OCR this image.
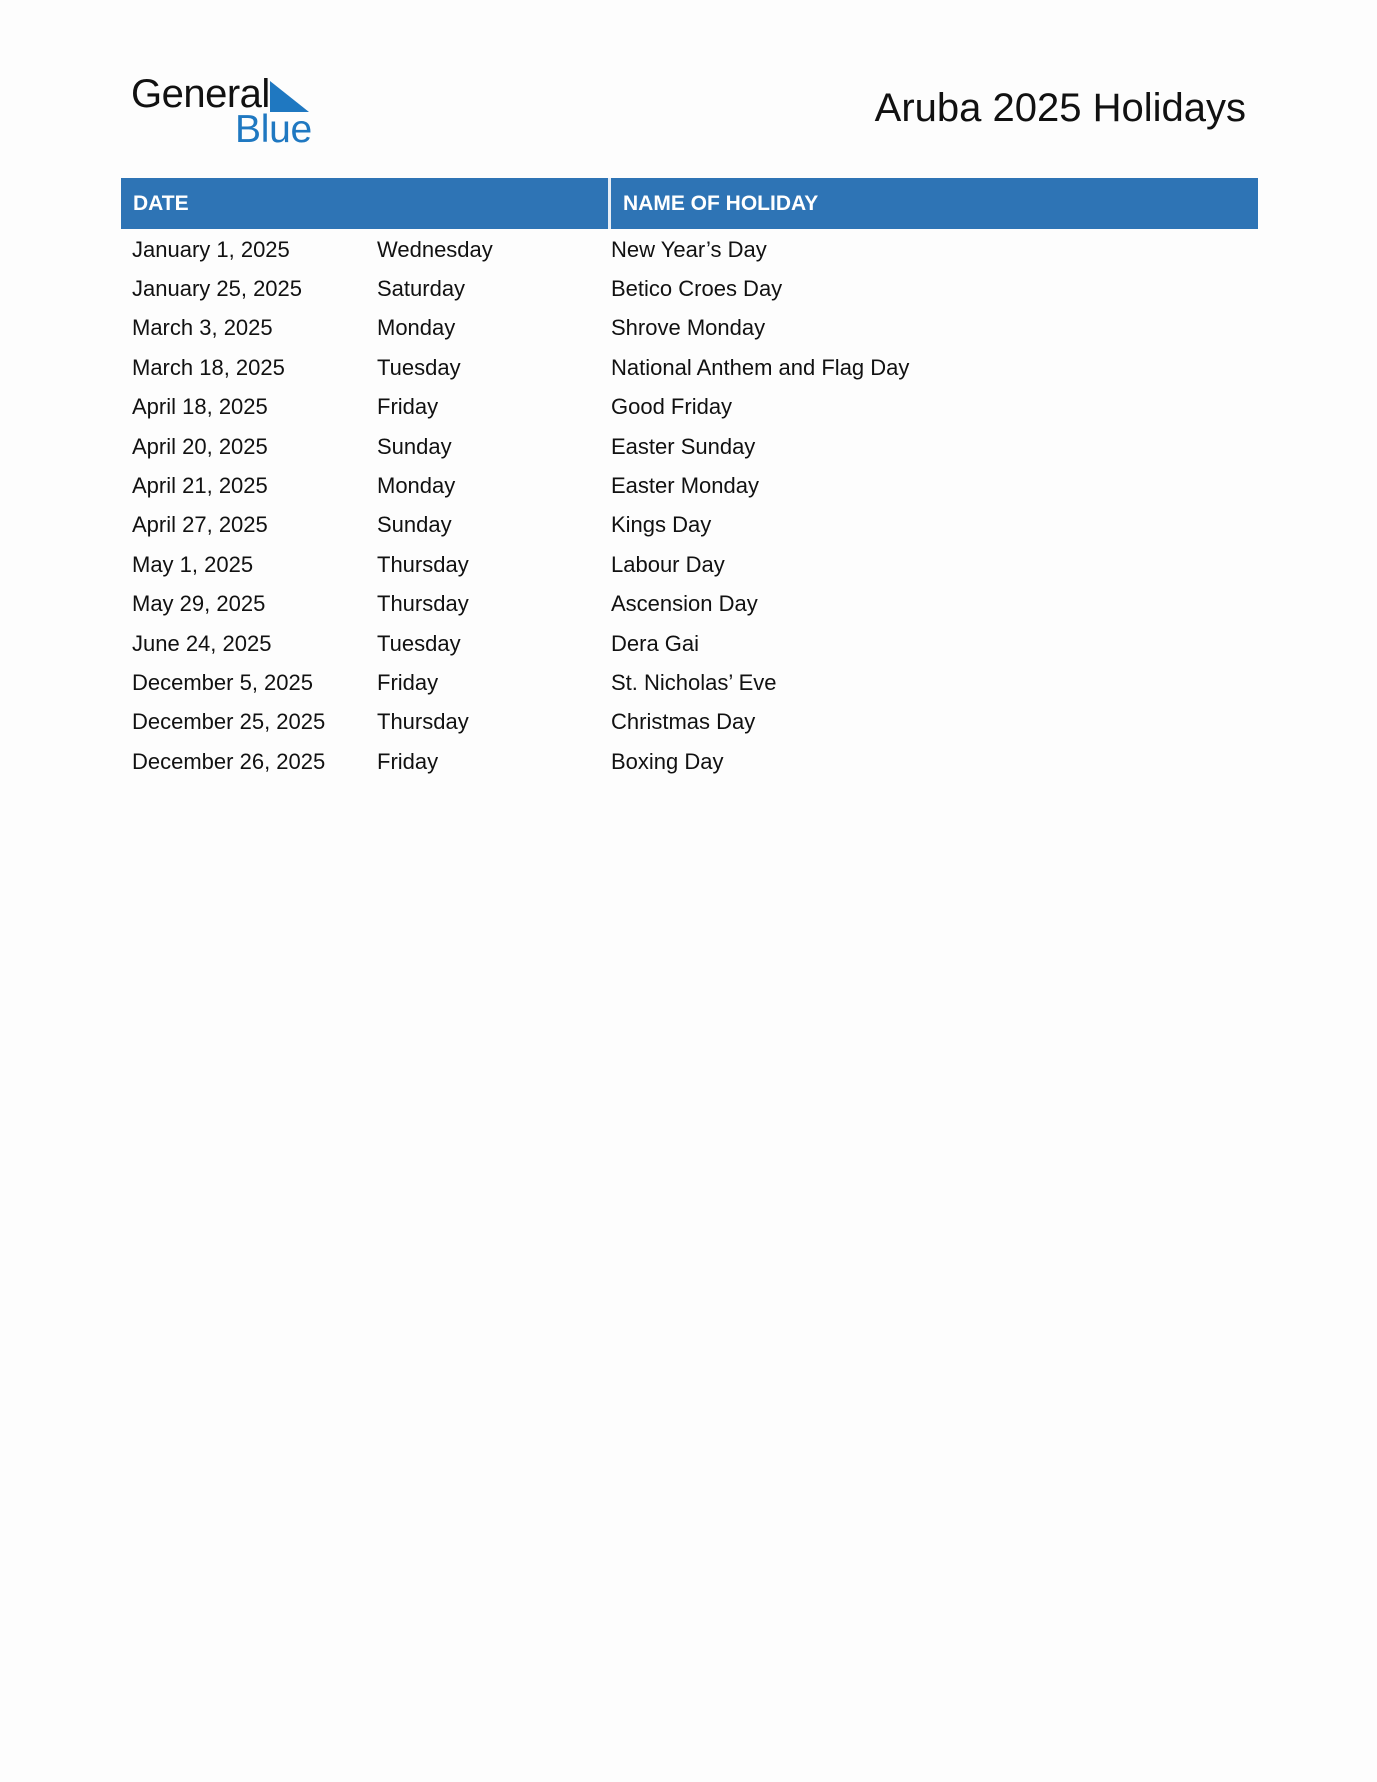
General
Blue	Aruba 2025 Holidays
DATE	NAME OF HOLIDAY
January 1, 2025	Wednesday	New Year’s Day
January 25, 2025	Saturday	Betico Croes Day
March 3, 2025	Monday	Shrove Monday
March 18, 2025	Tuesday	National Anthem and Flag Day
April 18, 2025	Friday	Good Friday
April 20, 2025	Sunday	Easter Sunday
April 21, 2025	Monday	Easter Monday
April 27, 2025	Sunday	Kings Day
May 1, 2025	Thursday	Labour Day
May 29, 2025	Thursday	Ascension Day
June 24, 2025	Tuesday	Dera Gai
December 5, 2025	Friday	St. Nicholas’ Eve
December 25, 2025	Thursday	Christmas Day
December 26, 2025	Friday	Boxing Day
